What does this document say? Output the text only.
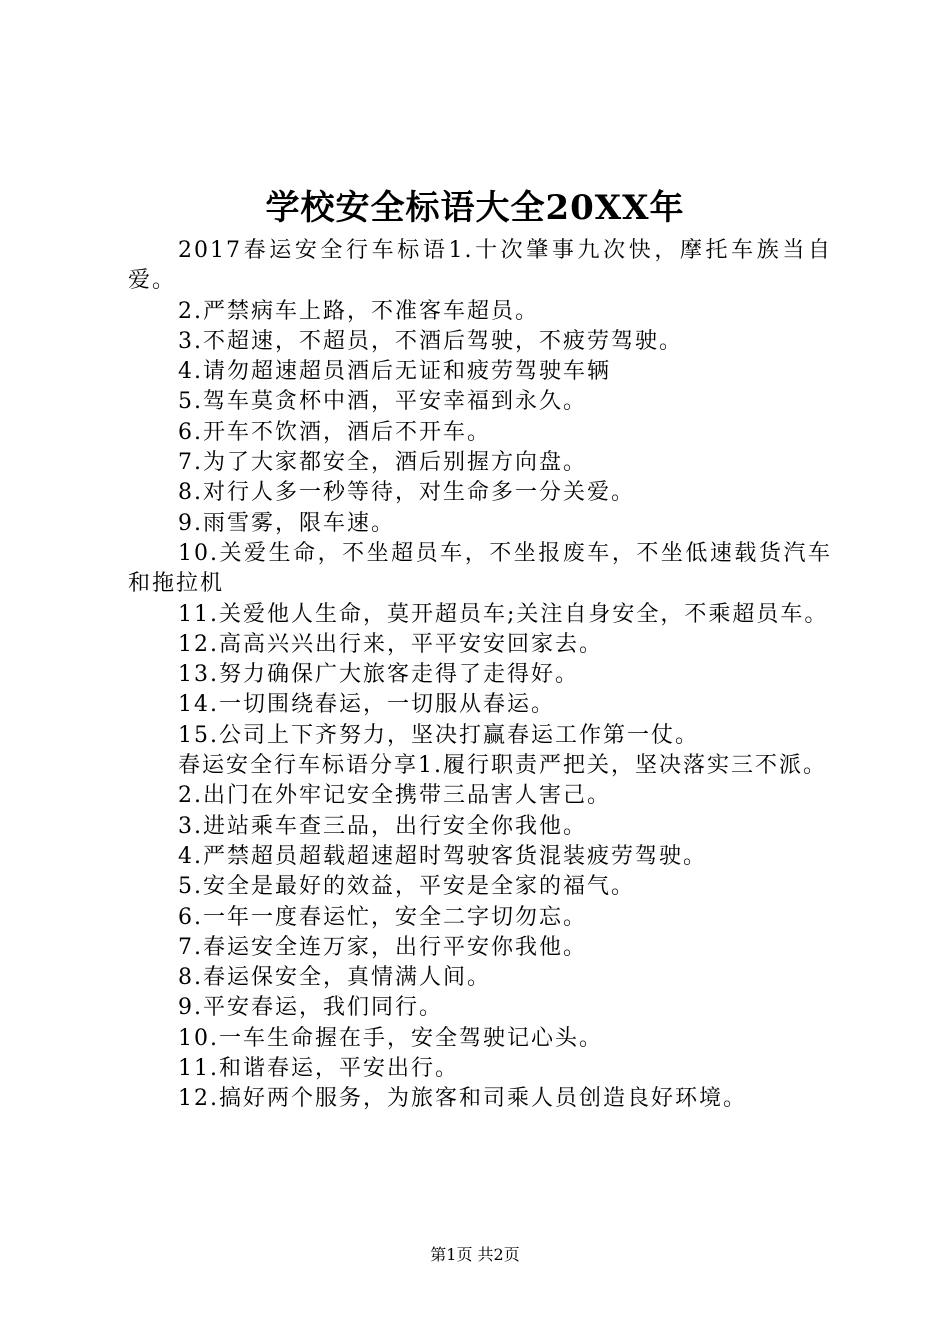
学校安全标语大全20XX年

2017春运安全行车标语1.十次肇事九次快，摩托车族当自爱。

2.严禁病车上路，不准客车超员。

3.不超速，不超员，不酒后驾驶，不疲劳驾驶。

4.请勿超速超员酒后无证和疲劳驾驶车辆

5.驾车莫贪杯中酒，平安幸福到永久。

6.开车不饮酒，酒后不开车。

7.为了大家都安全，酒后别握方向盘。

8.对行人多一秒等待，对生命多一分关爱。

9.雨雪雾，限车速。

10.关爱生命，不坐超员车，不坐报废车，不坐低速载货汽车和拖拉机

11.关爱他人生命，莫开超员车;关注自身安全，不乘超员车。

12.高高兴兴出行来，平平安安回家去。

13.努力确保广大旅客走得了走得好。

14.一切围绕春运，一切服从春运。

15.公司上下齐努力，坚决打赢春运工作第一仗。

春运安全行车标语分享1.履行职责严把关，坚决落实三不派。

2.出门在外牢记安全携带三品害人害己。

3.进站乘车查三品，出行安全你我他。

4.严禁超员超载超速超时驾驶客货混装疲劳驾驶。

5.安全是最好的效益，平安是全家的福气。

6.一年一度春运忙，安全二字切勿忘。

7.春运安全连万家，出行平安你我他。

8.春运保安全，真情满人间。

9.平安春运，我们同行。

10.一车生命握在手，安全驾驶记心头。

11.和谐春运，平安出行。

12.搞好两个服务，为旅客和司乘人员创造良好环境。

第1页 共2页
